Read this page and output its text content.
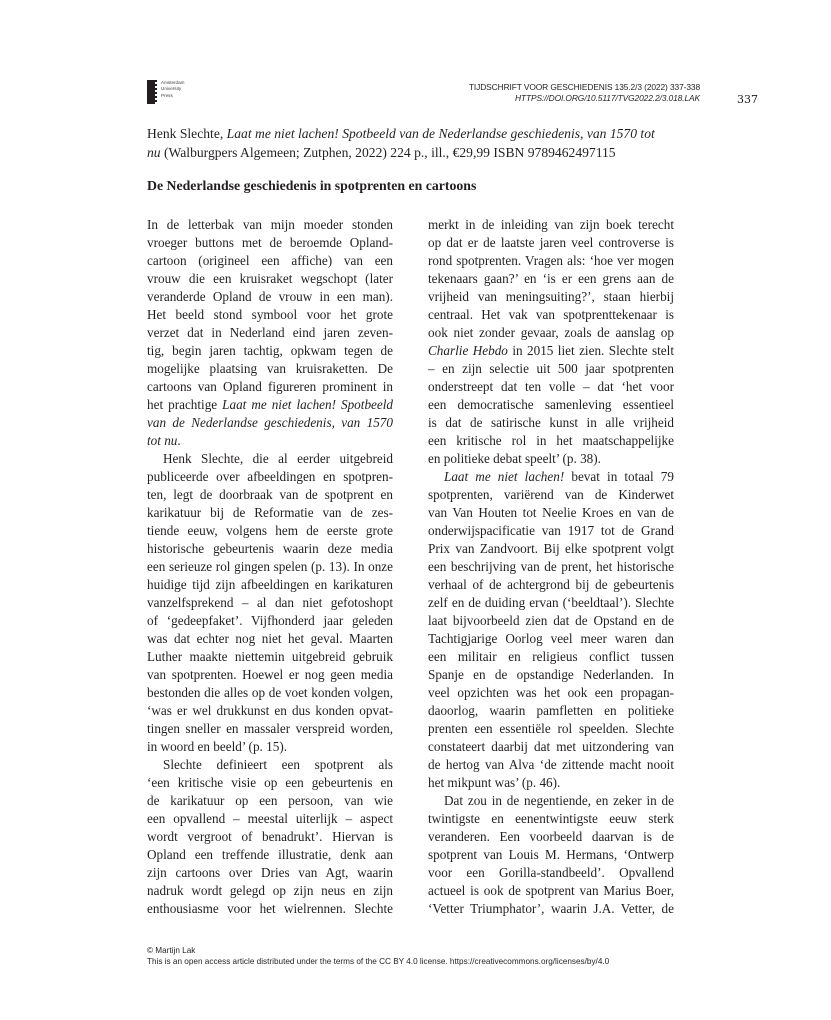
Amsterdam
University
Press
TIJDSCHRIFT VOOR GESCHIEDENIS 135.2/3 (2022) 337-338
HTTPS://DOI.ORG/10.5117/TVG2022.2/3.018.LAK	337
Henk Slechte, Laat me niet lachen! Spotbeeld van de Nederlandse geschiedenis, van 1570 tot
nu (Walburgpers Algemeen; Zutphen, 2022) 224 p., ill., €29,99 ISBN 9789462497115
De Nederlandse geschiedenis in spotprenten en cartoons

In de letterbak van mijn moeder stonden
vroeger buttons met de beroemde Opland-
cartoon (origineel een affiche) van een
vrouw die een kruisraket wegschopt (later
veranderde Opland de vrouw in een man).
Het beeld stond symbool voor het grote
verzet dat in Nederland eind jaren zeven-
tig, begin jaren tachtig, opkwam tegen de
mogelijke plaatsing van kruisraketten. De
cartoons van Opland figureren prominent in
het prachtige Laat me niet lachen! Spotbeeld
van de Nederlandse geschiedenis, van 1570
tot nu.

Henk Slechte, die al eerder uitgebreid
publiceerde over afbeeldingen en spotpren-
ten, legt de doorbraak van de spotprent en
karikatuur bij de Reformatie van de zes-
tiende eeuw, volgens hem de eerste grote
historische gebeurtenis waarin deze media
een serieuze rol gingen spelen (p. 13). In onze
huidige tijd zijn afbeeldingen en karikaturen
vanzelfsprekend – al dan niet gefotoshopt
of ‘gedeepfaket’. Vijfhonderd jaar geleden
was dat echter nog niet het geval. Maarten
Luther maakte niettemin uitgebreid gebruik
van spotprenten. Hoewel er nog geen media
bestonden die alles op de voet konden volgen,
‘was er wel drukkunst en dus konden opvat-
tingen sneller en massaler verspreid worden,
in woord en beeld’ (p. 15).

Slechte definieert een spotprent als
‘een kritische visie op een gebeurtenis en
de karikatuur op een persoon, van wie
een opvallend – meestal uiterlijk – aspect
wordt vergroot of benadrukt’. Hiervan is
Opland een treffende illustratie, denk aan
zijn cartoons over Dries van Agt, waarin
nadruk wordt gelegd op zijn neus en zijn
enthousiasme voor het wielrennen. Slechte

merkt in de inleiding van zijn boek terecht
op dat er de laatste jaren veel controverse is
rond spotprenten. Vragen als: ‘hoe ver mogen
tekenaars gaan?’ en ‘is er een grens aan de
vrijheid van meningsuiting?’, staan hierbij
centraal. Het vak van spotprenttekenaar is
ook niet zonder gevaar, zoals de aanslag op
Charlie Hebdo in 2015 liet zien. Slechte stelt
– en zijn selectie uit 500 jaar spotprenten
onderstreept dat ten volle – dat ‘het voor
een democratische samenleving essentieel
is dat de satirische kunst in alle vrijheid
een kritische rol in het maatschappelijke
en politieke debat speelt’ (p. 38).

Laat me niet lachen! bevat in totaal 79
spotprenten, variërend van de Kinderwet
van Van Houten tot Neelie Kroes en van de
onderwijspacificatie van 1917 tot de Grand
Prix van Zandvoort. Bij elke spotprent volgt
een beschrijving van de prent, het historische
verhaal of de achtergrond bij de gebeurtenis
zelf en de duiding ervan (‘beeldtaal’). Slechte
laat bijvoorbeeld zien dat de Opstand en de
Tachtigjarige Oorlog veel meer waren dan
een militair en religieus conflict tussen
Spanje en de opstandige Nederlanden. In
veel opzichten was het ook een propagan-
daoorlog, waarin pamfletten en politieke
prenten een essentiële rol speelden. Slechte
constateert daarbij dat met uitzondering van
de hertog van Alva ‘de zittende macht nooit
het mikpunt was’ (p. 46).

Dat zou in de negentiende, en zeker in de
twintigste en eenentwintigste eeuw sterk
veranderen. Een voorbeeld daarvan is de
spotprent van Louis M. Hermans, ‘Ontwerp
voor een Gorilla-standbeeld’. Opvallend
actueel is ook de spotprent van Marius Boer,
‘Vetter Triumphator’, waarin J.A. Vetter, de

© Martijn Lak
This is an open access article distributed under the terms of the CC BY 4.0 license. https://creativecommons.org/licenses/by/4.0
